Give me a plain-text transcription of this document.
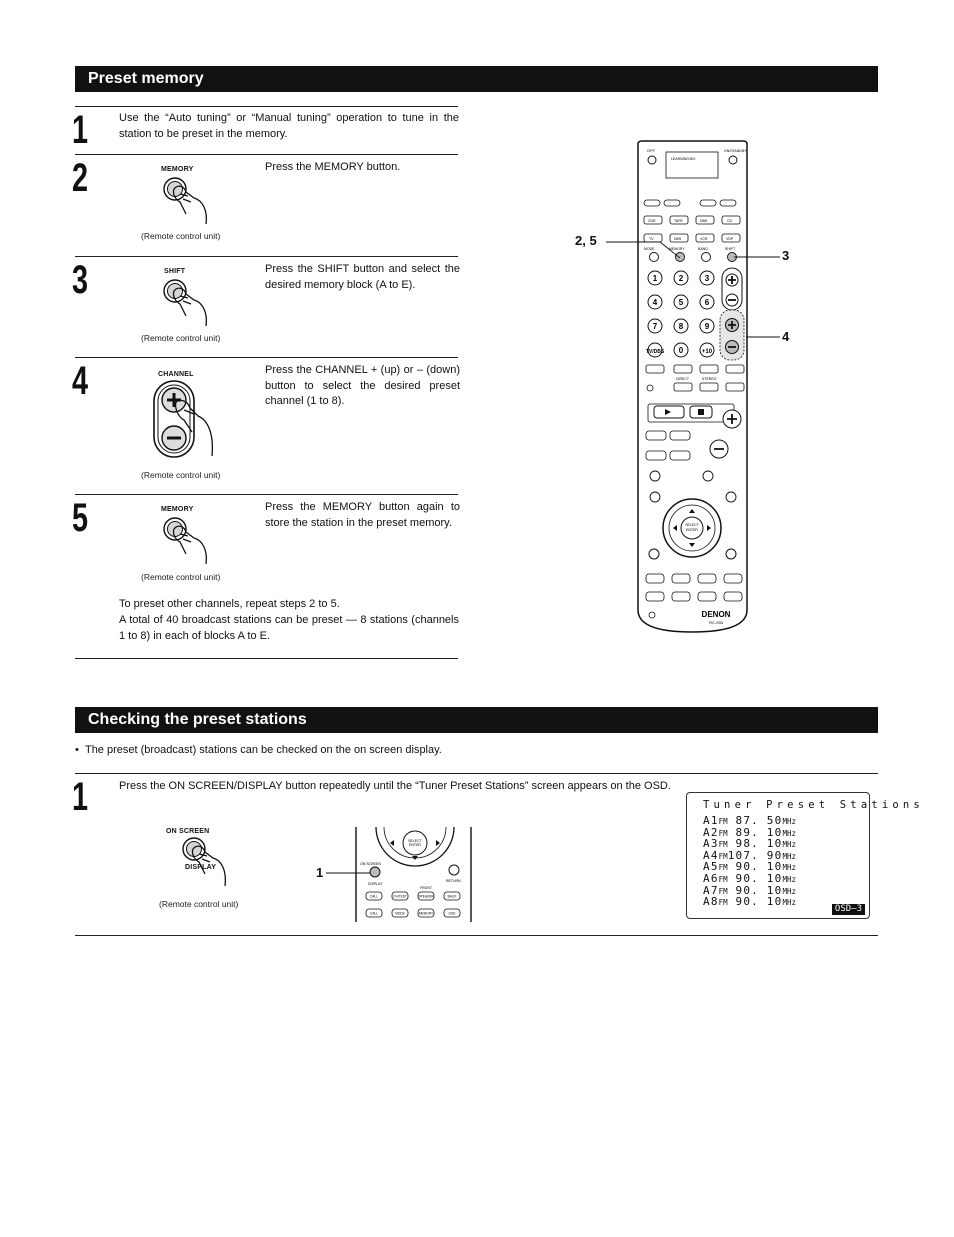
Preset memory
1	Use the “Auto tuning” or “Manual tuning” operation to tune in the station to be preset in the memory.
2	MEMORY	Press the MEMORY button.
(Remote control unit)
3	SHIFT	Press the SHIFT button and select the desired memory block (A to E).
(Remote control unit)
4	CHANNEL	Press the CHANNEL + (up) or – (down) button to select the desired preset channel (1 to 8).
(Remote control unit)
5	MEMORY	Press the MEMORY button again to store the station in the preset memory.
(Remote control unit)
To preset other channels, repeat steps 2 to 5.
A total of 40 broadcast stations can be preset — 8 stations (channels 1 to 8) in each of blocks A to E.
OFF
LEARNING/SIX
ON/STANDBY
CDR	TAPE	DBS	CD
TV	DBS	VCR	VDP
MODE	MEMORY	BAND	SHIFT
1	2	3
4	5	6
7	8	9
TV/DBS 0	+10
DIRECT	STEREO
SELECT
ENTER
DENON
RC-935
2, 5
3
4
Checking the preset stations
•  The preset (broadcast) stations can be checked on the on screen display.
1	Press the ON SCREEN/DISPLAY button repeatedly until the “Tuner Preset Stations” screen appears on the OSD.
ON SCREEN
DISPLAY
(Remote control unit)
1
SELECT
ENTER
ON SCREEN
DISPLAY
FRONT
RETURN
CALL	CH/TEST	SPEAKER	BACK
CALL	MODE	MEMORY	OSD
Tuner Preset Stations
A1FM 87. 50MHz
A2FM 89. 10MHz
A3FM 98. 10MHz
A4FM107. 90MHz
A5FM 90. 10MHz
A6FM 90. 10MHz
A7FM 90. 10MHz
A8FM 90. 10MHz
OSD–3
